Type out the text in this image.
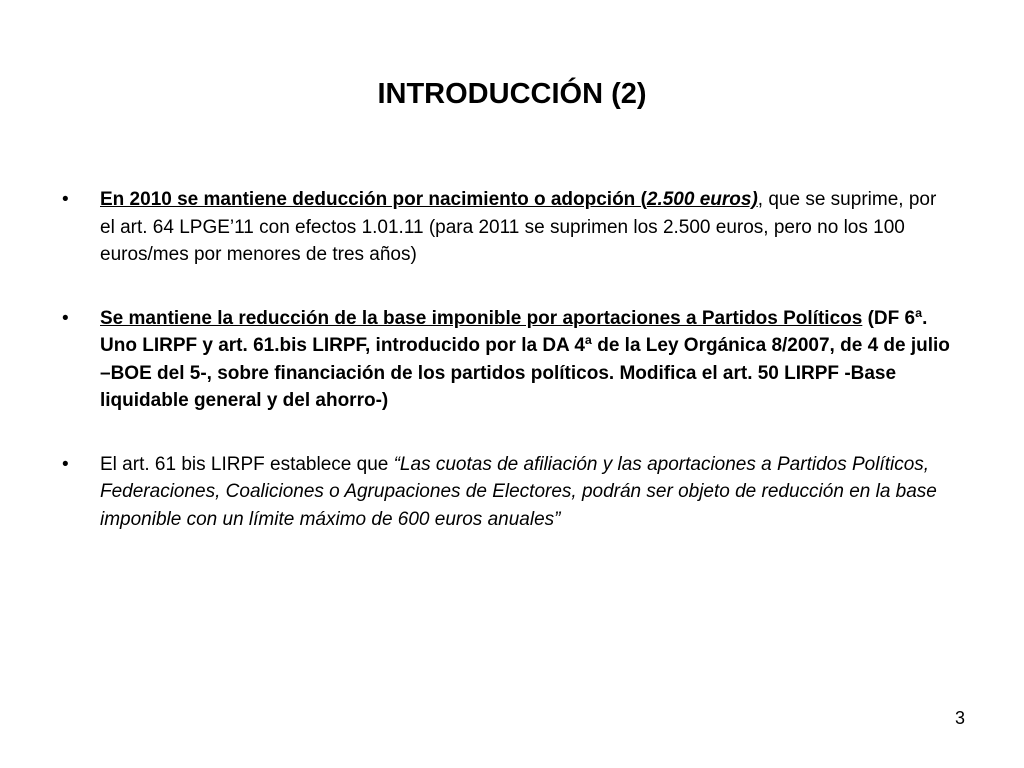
INTRODUCCIÓN (2)
• En 2010 se mantiene deducción por nacimiento o adopción (2.500 euros), que se suprime, por el art. 64 LPGE’11 con efectos 1.01.11 (para 2011 se suprimen los 2.500 euros, pero no los 100 euros/mes por menores de tres años)
• Se mantiene la reducción de la base imponible por aportaciones a Partidos Políticos (DF 6ª. Uno LIRPF y art. 61.bis LIRPF, introducido por la DA 4ª de la Ley Orgánica 8/2007, de 4 de julio –BOE del 5-, sobre financiación de los partidos políticos. Modifica el art. 50 LIRPF -Base liquidable general y del ahorro-)
• El art. 61 bis LIRPF establece que “Las cuotas de afiliación y las aportaciones a Partidos Políticos, Federaciones, Coaliciones o Agrupaciones de Electores, podrán ser objeto de reducción en la base imponible con un límite máximo de 600 euros anuales”
3
